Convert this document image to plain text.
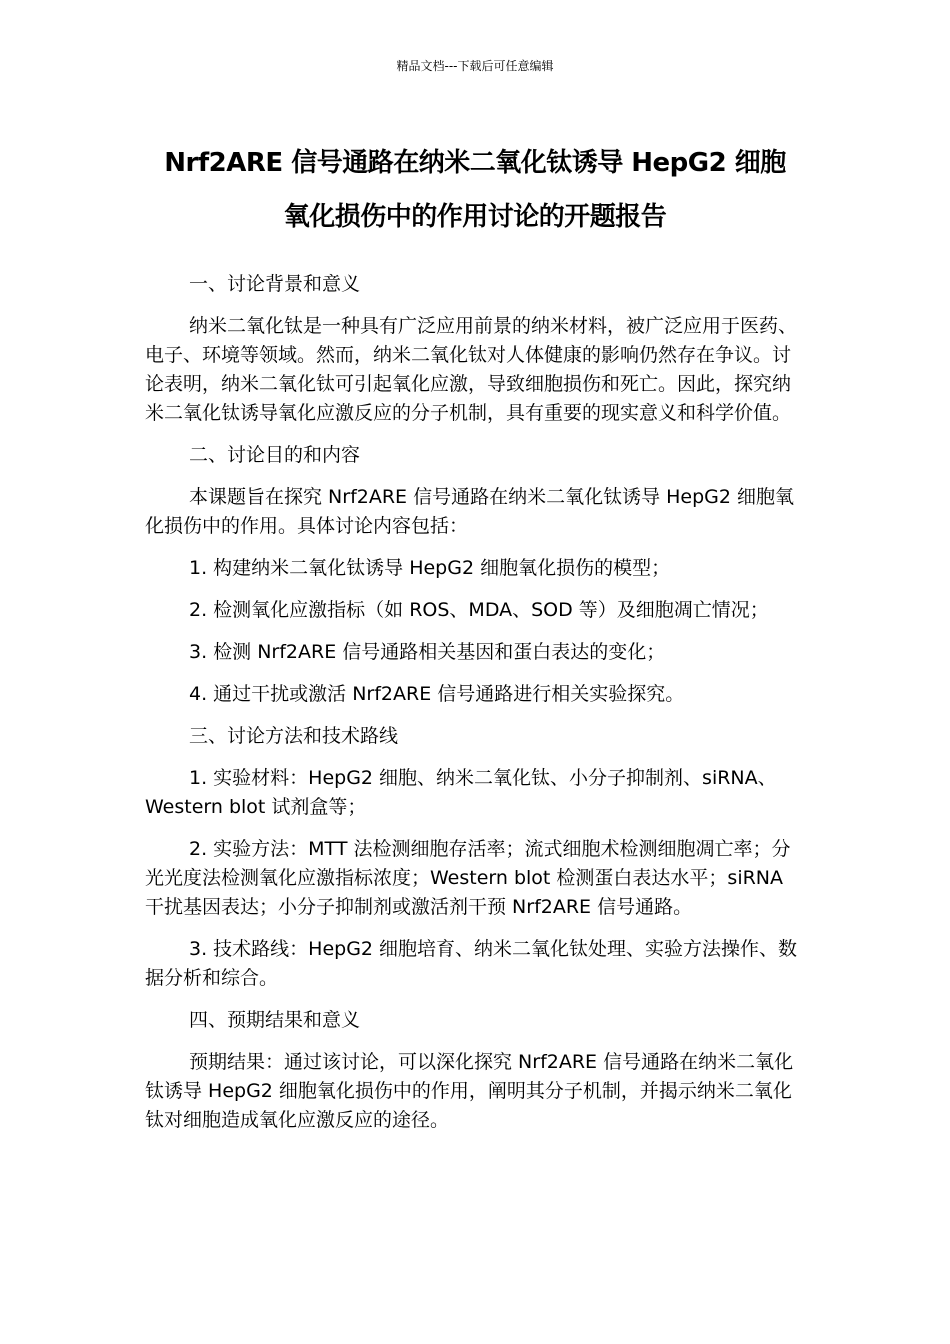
精品文档---下载后可任意编辑
Nrf2ARE 信号通路在纳米二氧化钛诱导 HepG2 细胞
氧化损伤中的作用讨论的开题报告

一、讨论背景和意义

纳米二氧化钛是一种具有广泛应用前景的纳米材料，被广泛应用于医药、电子、环境等领域。然而，纳米二氧化钛对人体健康的影响仍然存在争议。讨论表明，纳米二氧化钛可引起氧化应激，导致细胞损伤和死亡。因此，探究纳米二氧化钛诱导氧化应激反应的分子机制，具有重要的现实意义和科学价值。

二、讨论目的和内容

本课题旨在探究 Nrf2ARE 信号通路在纳米二氧化钛诱导 HepG2 细胞氧化损伤中的作用。具体讨论内容包括：

1. 构建纳米二氧化钛诱导 HepG2 细胞氧化损伤的模型；

2. 检测氧化应激指标（如 ROS、MDA、SOD 等）及细胞凋亡情况；

3. 检测 Nrf2ARE 信号通路相关基因和蛋白表达的变化；

4. 通过干扰或激活 Nrf2ARE 信号通路进行相关实验探究。

三、讨论方法和技术路线

1. 实验材料：HepG2 细胞、纳米二氧化钛、小分子抑制剂、siRNA、Western blot 试剂盒等；

2. 实验方法：MTT 法检测细胞存活率；流式细胞术检测细胞凋亡率；分光光度法检测氧化应激指标浓度；Western blot 检测蛋白表达水平；siRNA 干扰基因表达；小分子抑制剂或激活剂干预 Nrf2ARE 信号通路。

3. 技术路线：HepG2 细胞培育、纳米二氧化钛处理、实验方法操作、数据分析和综合。

四、预期结果和意义

预期结果：通过该讨论，可以深化探究 Nrf2ARE 信号通路在纳米二氧化钛诱导 HepG2 细胞氧化损伤中的作用，阐明其分子机制，并揭示纳米二氧化钛对细胞造成氧化应激反应的途径。
